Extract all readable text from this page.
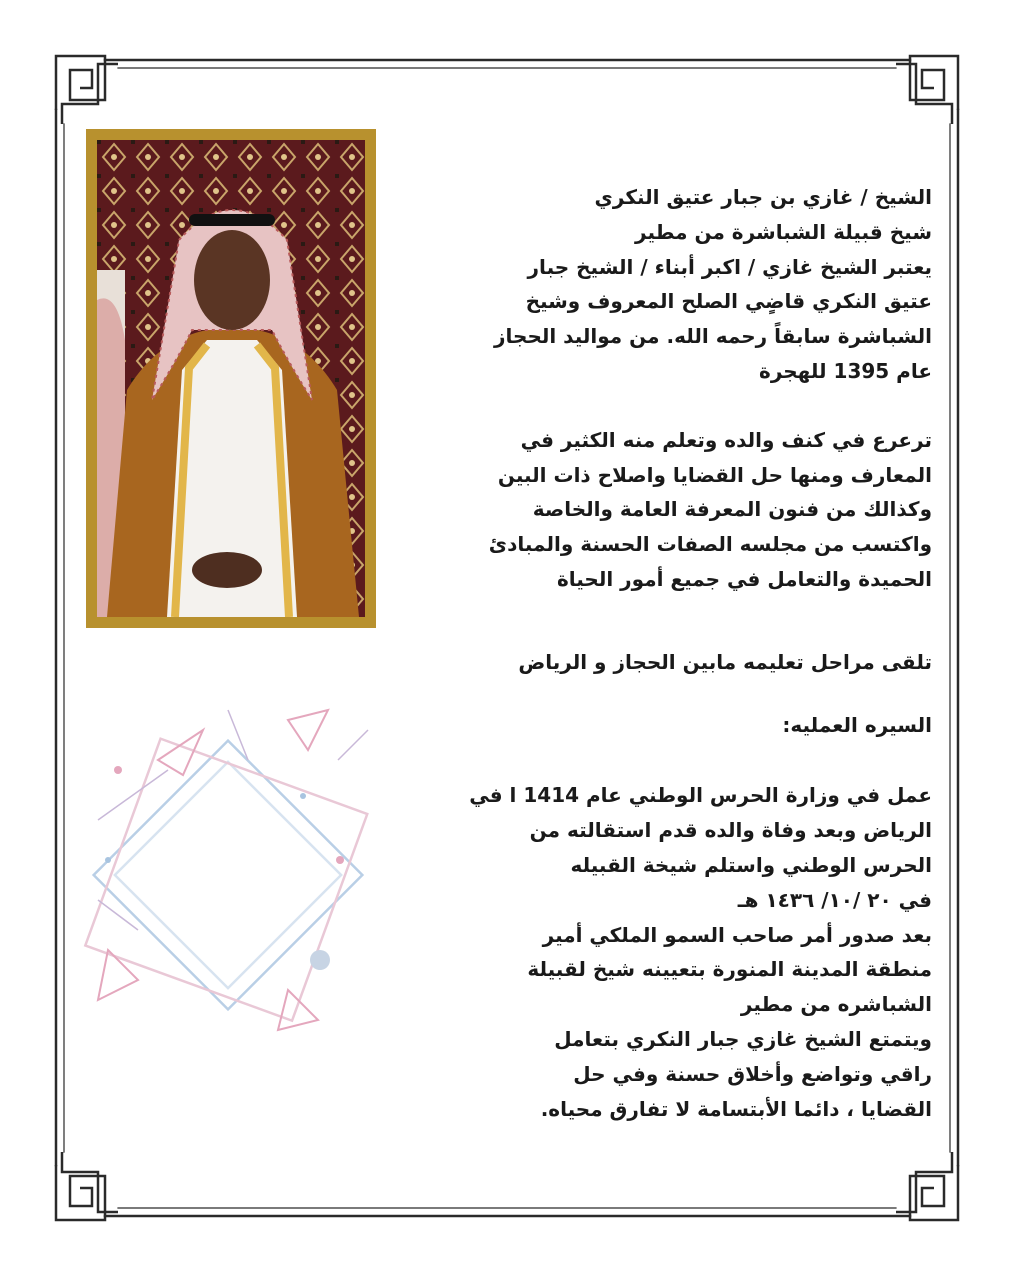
الشيخ / غازي بن جبار عتيق النكري
شيخ قبيلة الشباشرة من مطير
يعتبر الشيخ غازي / اكبر أبناء / الشيخ جبار
عتيق النكري قاضٍي الصلح المعروف وشيخ
الشباشرة سابقاً رحمه الله. من مواليد الحجاز
عام 1395 للهجرة
ترعرع في كنف والده وتعلم منه الكثير في
المعارف ومنها حل القضايا واصلاح ذات البين
وكذالك من فنون المعرفة العامة والخاصة
واكتسب من مجلسه الصفات الحسنة والمبادئ
الحميدة والتعامل في جميع أمور الحياة
تلقى مراحل تعليمه مابين الحجاز و الرياض
السيره العمليه:
عمل في وزارة الحرس الوطني عام 1414 ا في
الرياض وبعد وفاة والده قدم استقالته من
الحرس الوطني واستلم شيخة القبيله
في ٢٠ /١٠/ ١٤٣٦ هـ
بعد صدور أمر صاحب السمو الملكي أمير
منطقة المدينة المنورة بتعيينه شيخ لقبيلة
الشباشره من مطير
ويتمتع الشيخ غازي جبار النكري بتعامل
راقي وتواضع وأخلاق حسنة وفي حل
القضايا ، دائما الأبتسامة لا تفارق محياه.
